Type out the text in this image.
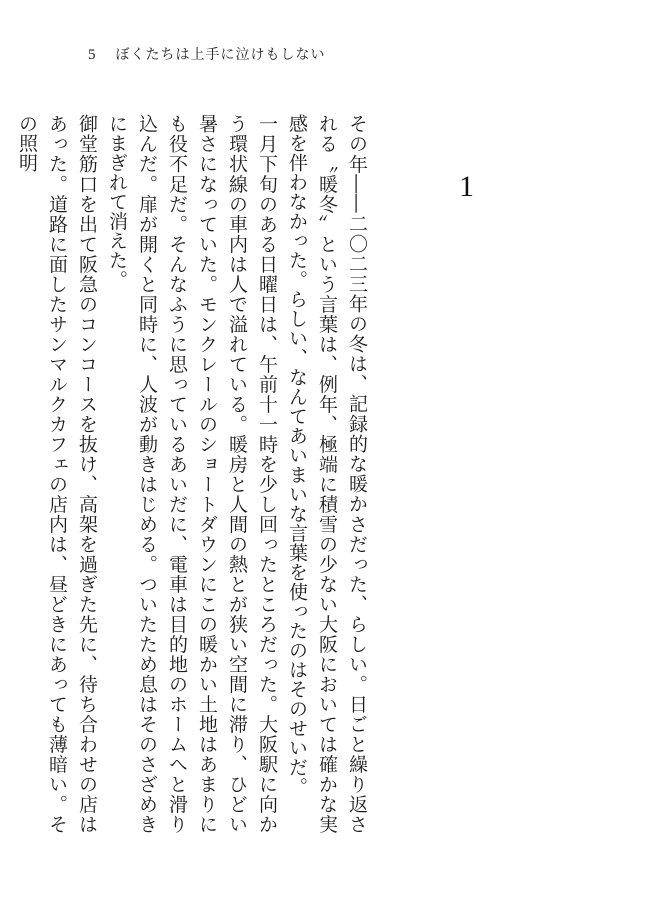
5 ぼくたちは上手に泣けもしない
1

その年――二〇二三年の冬は、記録的な暖かさだった、らしい。日ごと繰り返される〝暖冬〟という言葉は、例年、極端に積雪の少ない大阪においては確かな実感を伴わなかった。らしい、なんてあいまいな言葉を使ったのはそのせいだ。

一月下旬のある日曜日は、午前十一時を少し回ったところだった。大阪駅に向かう環状線の車内は人で溢れている。暖房と人間の熱とが狭い空間に滞り、ひどい暑さになっていた。モンクレールのショートダウンにこの暖かい土地はあまりにも役不足だ。そんなふうに思っているあいだに、電車は目的地のホームへと滑り込んだ。扉が開くと同時に、人波が動きはじめる。ついたため息はそのさざめきにまぎれて消えた。

御堂筋口を出て阪急のコンコースを抜け、高架を過ぎた先に、待ち合わせの店はあった。道路に面したサンマルクカフェの店内は、昼どきにあっても薄暗い。その照明
